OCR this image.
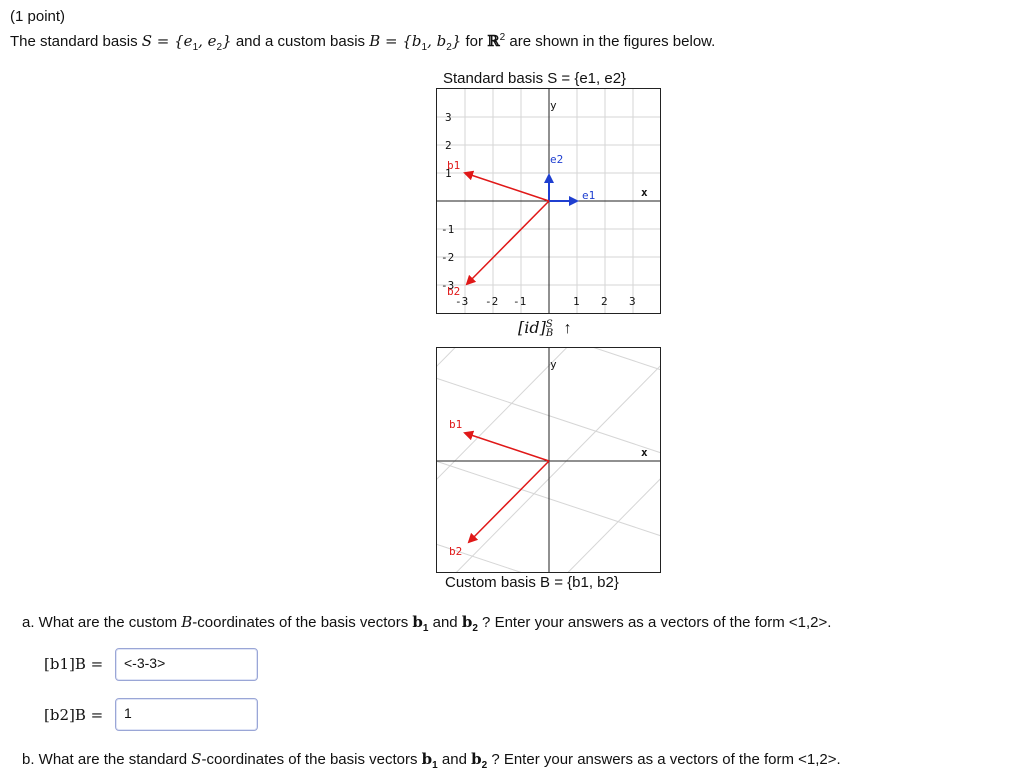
(1 point)
The standard basis $S = \{e_1$, $e_2$} and a custom basis $B = \{b_1$, $b_2$} for ℝ$^2$ are shown in the figures below.
Standard basis S = {e1, e2}
y
x
3
2
1
-1
-2
-3
-3 -2 -1	1 2 3
e1
e2
b1
b2
[id]S
B ↑
y
x
b1
b2
Custom basis B = {b1, b2}
a. What are the custom B-coordinates of the basis vectors $b_1$ and $b_2$ ? Enter your answers as a vectors of the form <1,2>.
[b1]B =	<-3-3>
[b2]B =	1
b. What are the standard S-coordinates of the basis vectors $b_1$ and $b_2$ ? Enter your answers as a vectors of the form <1,2>.
